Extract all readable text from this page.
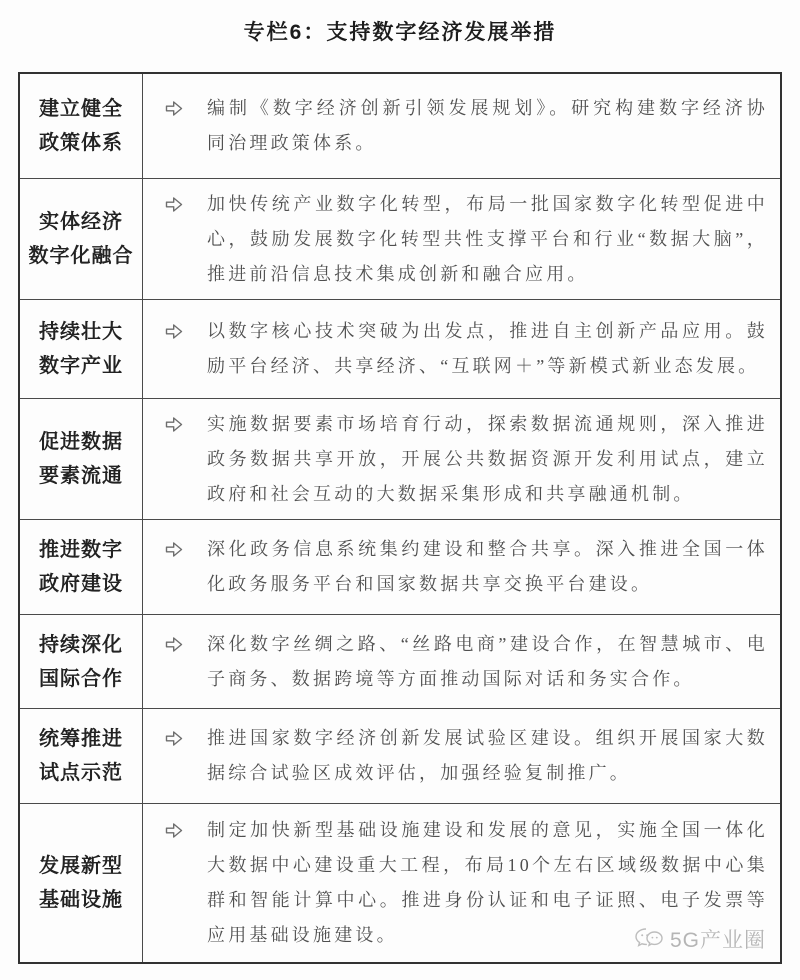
专栏6：支持数字经济发展举措
建立健全
政策体系

编制《数字经济创新引领发展规划》。研究构建数字经济协同治理政策体系。

实体经济
数字化融合

加快传统产业数字化转型，布局一批国家数字化转型促进中心，鼓励发展数字化转型共性支撑平台和行业“数据大脑”，推进前沿信息技术集成创新和融合应用。

持续壮大
数字产业

以数字核心技术突破为出发点，推进自主创新产品应用。鼓励平台经济、共享经济、“互联网＋”等新模式新业态发展。

促进数据
要素流通

实施数据要素市场培育行动，探索数据流通规则，深入推进政务数据共享开放，开展公共数据资源开发利用试点，建立政府和社会互动的大数据采集形成和共享融通机制。

推进数字
政府建设

深化政务信息系统集约建设和整合共享。深入推进全国一体化政务服务平台和国家数据共享交换平台建设。

持续深化
国际合作

深化数字丝绸之路、“丝路电商”建设合作，在智慧城市、电子商务、数据跨境等方面推动国际对话和务实合作。

统筹推进
试点示范

推进国家数字经济创新发展试验区建设。组织开展国家大数据综合试验区成效评估，加强经验复制推广。

发展新型
基础设施

制定加快新型基础设施建设和发展的意见，实施全国一体化大数据中心建设重大工程，布局10个左右区域级数据中心集群和智能计算中心。推进身份认证和电子证照、电子发票等应用基础设施建设。	5G产业圈
